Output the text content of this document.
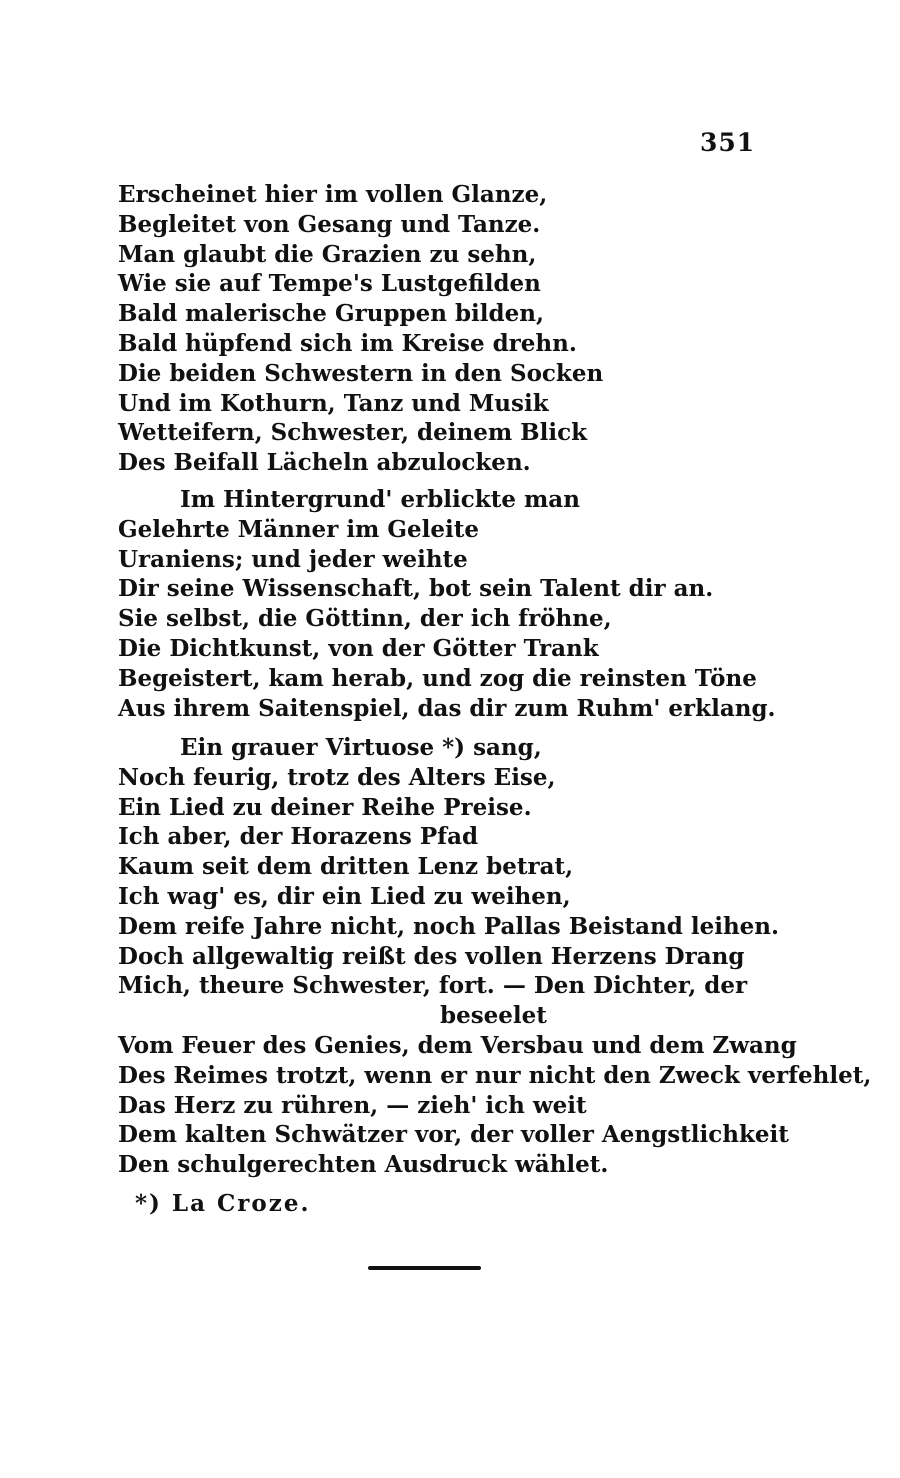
351
Erscheinet hier im vollen Glanze,
Begleitet von Gesang und Tanze.
Man glaubt die Grazien zu sehn,
Wie sie auf Tempe's Lustgefilden
Bald malerische Gruppen bilden,
Bald hüpfend sich im Kreise drehn.
Die beiden Schwestern in den Socken
Und im Kothurn, Tanz und Musik
Wetteifern, Schwester, deinem Blick
Des Beifall Lächeln abzulocken.
Im Hintergrund' erblickte man
Gelehrte Männer im Geleite
Uraniens; und jeder weihte
Dir seine Wissenschaft, bot sein Talent dir an.
Sie selbst, die Göttinn, der ich fröhne,
Die Dichtkunst, von der Götter Trank
Begeistert, kam herab, und zog die reinsten Töne
Aus ihrem Saitenspiel, das dir zum Ruhm' erklang.
Ein grauer Virtuose *) sang,
Noch feurig, trotz des Alters Eise,
Ein Lied zu deiner Reihe Preise.
Ich aber, der Horazens Pfad
Kaum seit dem dritten Lenz betrat,
Ich wag' es, dir ein Lied zu weihen,
Dem reife Jahre nicht, noch Pallas Beistand leihen.
Doch allgewaltig reißt des vollen Herzens Drang
Mich, theure Schwester, fort. — Den Dichter, der
beseelet
Vom Feuer des Genies, dem Versbau und dem Zwang
Des Reimes trotzt, wenn er nur nicht den Zweck verfehlet,
Das Herz zu rühren, — zieh' ich weit
Dem kalten Schwätzer vor, der voller Aengstlichkeit
Den schulgerechten Ausdruck wählet.
*) La Croze.
